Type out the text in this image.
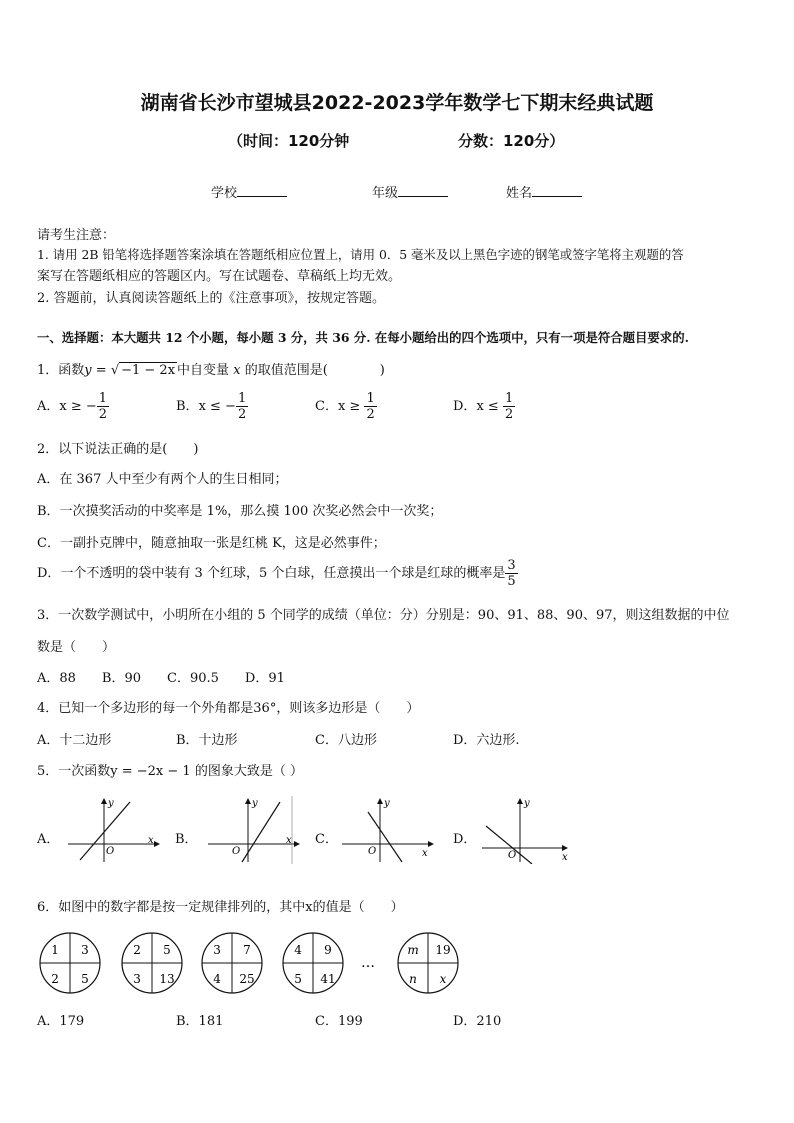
湖南省长沙市望城县2022-2023学年数学七下期末经典试题
（时间：120分钟	分数：120分）
学校	年级	姓名
请考生注意：
1. 请用 2B 铅笔将选择题答案涂填在答题纸相应位置上，请用 0．5 毫米及以上黑色字迹的钢笔或签字笔将主观题的答
案写在答题纸相应的答题区内。写在试题卷、草稿纸上均无效。
2. 答题前，认真阅读答题纸上的《注意事项》，按规定答题。
一、选择题：本大题共 12 个小题，每小题 3 分，共 36 分. 在每小题给出的四个选项中，只有一项是符合题目要求的.
1．函数y = √ −1 − 2x 中自变量 x 的取值范围是(　　　　)
A．x ≥ − $\frac{1}{2}$	B．x ≤ − $\frac{1}{2}$	C．$x \ge \frac{1}{2}$	D．$x \le \frac{1}{2}$
2．以下说法正确的是(　　)
A．在 367 人中至少有两个人的生日相同；
B．一次摸奖活动的中奖率是 1%，那么摸 100 次奖必然会中一次奖；
C．一副扑克牌中，随意抽取一张是红桃 K，这是必然事件；
D．一个不透明的袋中装有 3 个红球，5 个白球，任意摸出一个球是红球的概率是 $\frac{3}{5}$
3．一次数学测试中，小明所在小组的 5 个同学的成绩（单位：分）分别是：90、91、88、90、97，则这组数据的中位
数是（　　）
A．88　　B．90　　C．90.5　　D．91
4．已知一个多边形的每一个外角都是36°，则该多边形是（　　）
A．十二边形	B．十边形	C．八边形	D．六边形.
5．一次函数y = −2x − 1 的图象大致是（ ）
A．	B．	C．	D．
y
x
O
y
x
O
y
x
O
y
x
O
6．如图中的数字都是按一定规律排列的，其中x的值是（　　）
1 3
2 5
2 5
3 13
3 7
4 25
4 9
5 41
…
m 19
n x
A．179	B．181	C．199	D．210
